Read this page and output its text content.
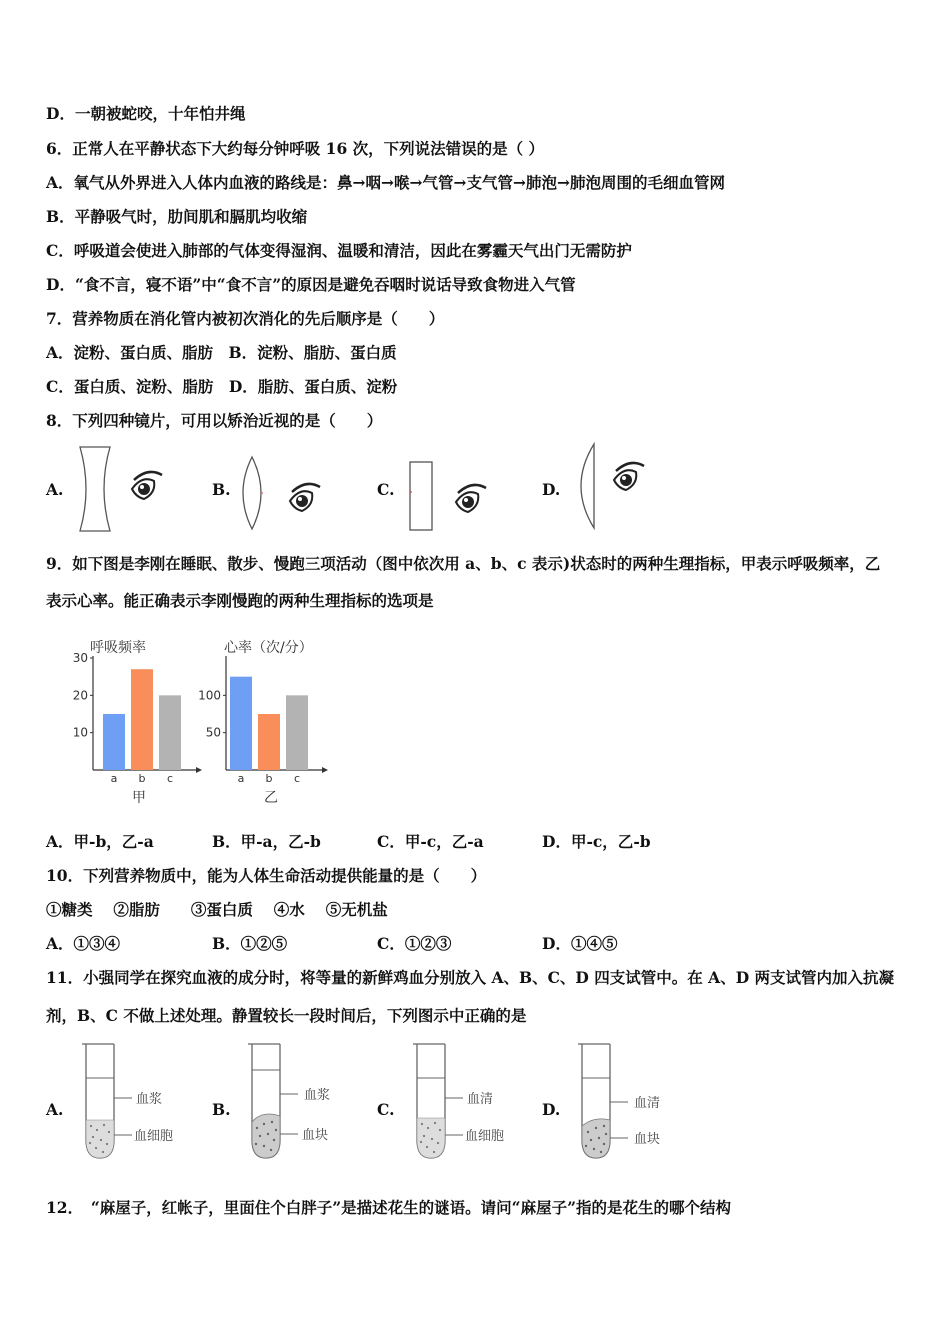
D．一朝被蛇咬，十年怕井绳
6．正常人在平静状态下大约每分钟呼吸 16 次，下列说法错误的是（ ）
A．氧气从外界进入人体内血液的路线是：鼻→咽→喉→气管→支气管→肺泡→肺泡周围的毛细血管网
B．平静吸气时，肋间肌和膈肌均收缩
C．呼吸道会使进入肺部的气体变得湿润、温暖和清洁，因此在雾霾天气出门无需防护
D．“食不言，寝不语”中“食不言”的原因是避免吞咽时说话导致食物进入气管
7．营养物质在消化管内被初次消化的先后顺序是（　　）
A．淀粉、蛋白质、脂肪　B．淀粉、脂肪、蛋白质
C．蛋白质、淀粉、脂肪　D．脂肪、蛋白质、淀粉
8．下列四种镜片，可用以矫治近视的是（　　）
A.	B.	C.	D.
9．如下图是李刚在睡眠、散步、慢跑三项活动（图中依次用 a、b、c 表示)状态时的两种生理指标，甲表示呼吸频率，乙
表示心率。能正确表示李刚慢跑的两种生理指标的选项是
呼吸频率
甲
10
20
30
a b c
心率（次/分）
乙
50
100
a b c
A．甲-b，乙-a	B．甲-a，乙-b	C．甲-c，乙-a	D．甲-c，乙-b
10．下列营养物质中，能为人体生命活动提供能量的是（　　）
①糖类　 ②脂肪　　③蛋白质　 ④水　 ⑤无机盐
A．①③④	B．①②⑤	C．①②③	D．①④⑤
11．小强同学在探究血液的成分时，将等量的新鲜鸡血分别放入 A、B、C、D 四支试管中。在 A、D 两支试管内加入抗凝
剂，B、C 不做上述处理。静置较长一段时间后，下列图示中正确的是
A.	B.	C.	D.
血浆
血细胞
血浆
血块
血清
血细胞
血清
血块
12．　“麻屋子，红帐子，里面住个白胖子”是描述花生的谜语。请问“麻屋子”指的是花生的哪个结构
